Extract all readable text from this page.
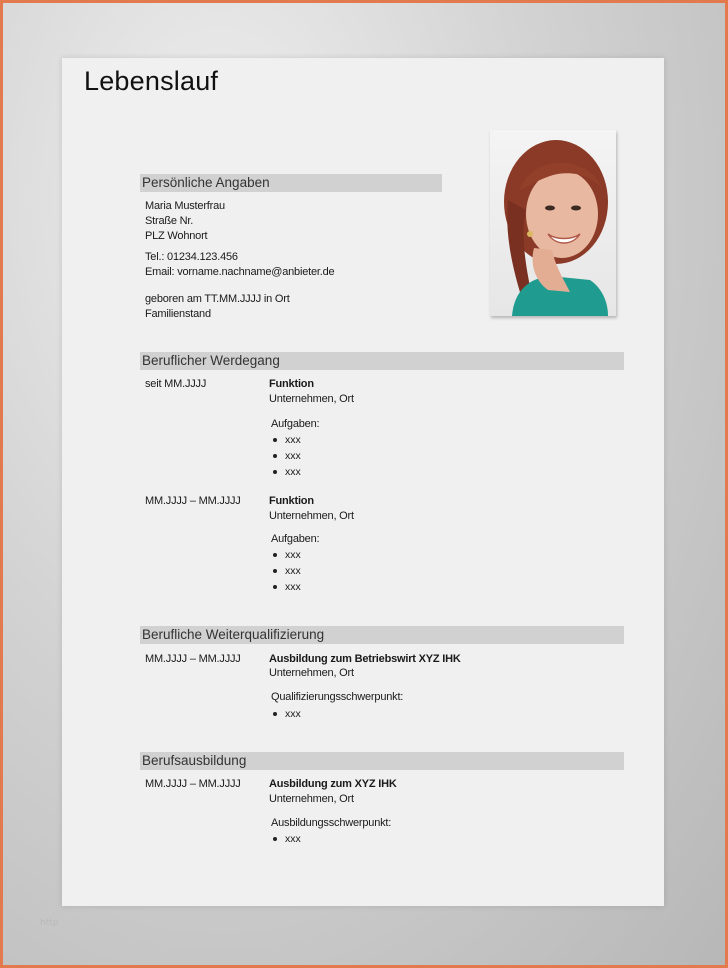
http
Lebenslauf
Persönliche Angaben
Maria Musterfrau
Straße Nr.
PLZ Wohnort
Tel.: 01234.123.456
Email: vorname.nachname@anbieter.de
geboren am TT.MM.JJJJ in Ort
Familienstand
Beruflicher Werdegang
seit MM.JJJJ	Funktion
Unternehmen, Ort
Aufgaben:
xxx
xxx
xxx
MM.JJJJ – MM.JJJJ	Funktion
Unternehmen, Ort
Aufgaben:
xxx
xxx
xxx
Berufliche Weiterqualifizierung
MM.JJJJ – MM.JJJJ	Ausbildung zum Betriebswirt XYZ IHK
Unternehmen, Ort
Qualifizierungsschwerpunkt:
xxx
Berufsausbildung
MM.JJJJ – MM.JJJJ	Ausbildung zum XYZ IHK
Unternehmen, Ort
Ausbildungsschwerpunkt:
xxx
